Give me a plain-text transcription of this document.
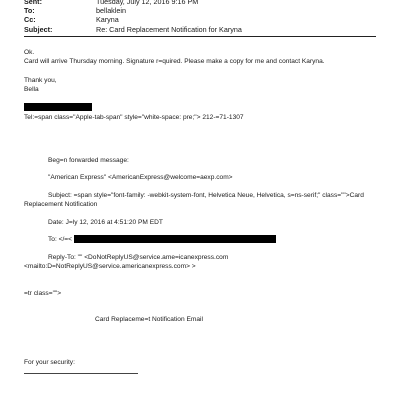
Sent:	Tuesday, July 12, 2016 9:16 PM
To:	bellaklein
Cc:	Karyna
Subject:	Re: Card Replacement Notification for Karyna
Ok.
Card will arrive Thursday morning. Signature r=quired. Please make a copy for me and contact Karyna.
Thank you,
Bella
Tel:=span class="Apple-tab-span" style="white-space: pre;"> 212-=71-1307
Beg=n forwarded message:
"American Express" <AmericanExpress@welcome=aexp.com>
Subject: =span style="font-family: -webkit-system-font, Helvetica Neue, Helvetica, s=ns-serif;" class="">Card
Replacement Notification
Date: J=ly 12, 2016 at 4:51:20 PM EDT
To: </=<
Reply-To: "" <DoNotReplyUS@service.ame=icanexpress.com
<mailto:D=NotReplyUS@service.americanexpress.com> >
=tr class="">
Card Replaceme=t Notification Email
For your security:
